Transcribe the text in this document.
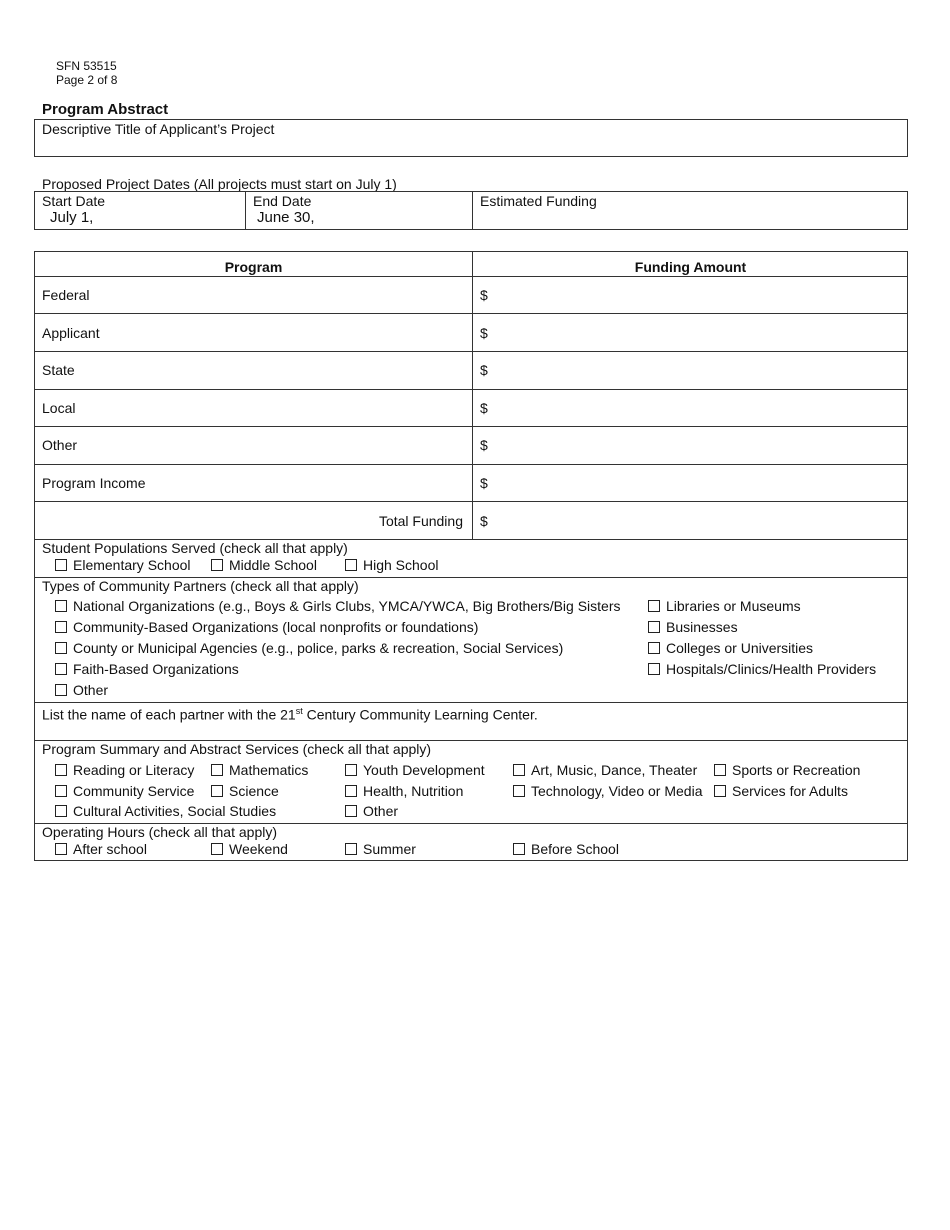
SFN 53515
Page 2 of 8
Program Abstract
Descriptive Title of Applicant’s Project
Proposed Project Dates (All projects must start on July 1)
Start Date
July 1,
End Date
June 30,
Estimated Funding
Program	Funding Amount
Federal	$
Applicant	$
State	$
Local	$
Other	$
Program Income	$
Total Funding $
Student Populations Served (check all that apply)
Elementary School	Middle School	High School
Types of Community Partners (check all that apply)
National Organizations (e.g., Boys & Girls Clubs, YMCA/YWCA, Big Brothers/Big Sisters
Community-Based Organizations (local nonprofits or foundations)
County or Municipal Agencies (e.g., police, parks & recreation, Social Services)
Faith-Based Organizations
Other
Libraries or Museums
Businesses
Colleges or Universities
Hospitals/Clinics/Health Providers
List the name of each partner with the 21st Century Community Learning Center.
Program Summary and Abstract Services (check all that apply)
Reading or Literacy	Mathematics	Youth Development	Art, Music, Dance, Theater	Sports or Recreation
Community Service	Science	Health, Nutrition	Technology, Video or Media	Services for Adults
Cultural Activities, Social Studies	Other
Operating Hours (check all that apply)
After school	Weekend	Summer	Before School
